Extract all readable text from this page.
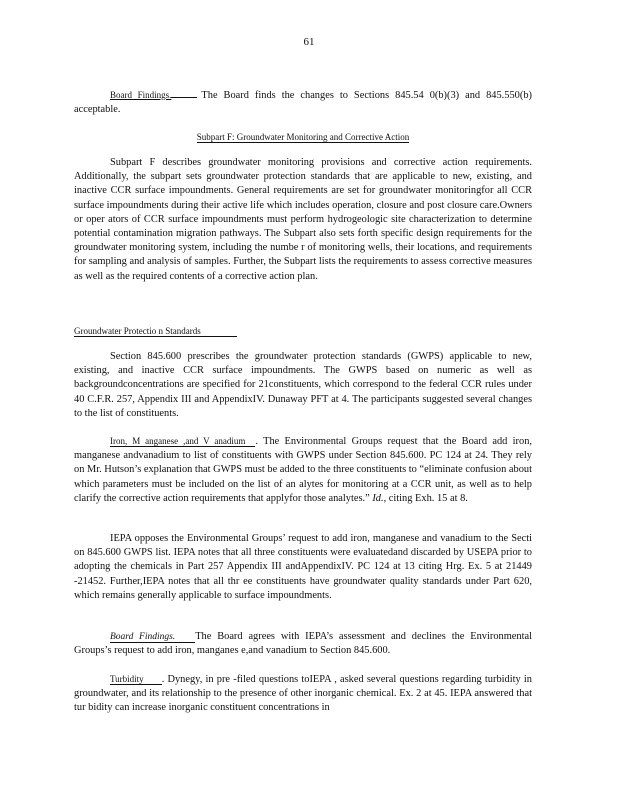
61
Board Findings.	The Board finds the changes to Sections 845.54 0(b)(3) and 845.550(b) acceptable.
Subpart F: Groundwater Monitoring and Corrective Action
Subpart F describes groundwater monitoring provisions and corrective action requirements. Additionally, the subpart sets groundwater protection standards that are applicable to new, existing, and inactive CCR surface impoundments. General requirements are set for groundwater monitoringfor all CCR surface impoundments during their active life which includes operation, closure and post closure care.Owners or oper ators of CCR surface impoundments must perform hydrogeologic site characterization to determine potential contamination migration pathways. The Subpart also sets forth specific design requirements for the groundwater monitoring system, including the numbe r of monitoring wells, their locations, and requirements for sampling and analysis of samples. Further, the Subpart lists the requirements to assess corrective measures as well as the required contents of a corrective action plan.
Groundwater Protectio n Standards
Section 845.600 prescribes the groundwater protection standards (GWPS) applicable to new, existing, and inactive CCR surface impoundments. The GWPS based on numeric as well as backgroundconcentrations are specified for 21constituents, which correspond to the federal CCR rules under 40 C.F.R. 257, Appendix III and AppendixIV. Dunaway PFT at 4. The participants suggested several changes to the list of constituents.
Iron, M anganese ,and V anadium . The Environmental Groups request that the Board add iron, manganese andvanadium to list of constituents with GWPS under Section 845.600. PC 124 at 24. They rely on Mr. Hutson’s explanation that GWPS must be added to the three constituents to “eliminate confusion about which parameters must be included on the list of an alytes for monitoring at a CCR unit, as well as to help clarify the corrective action requirements that applyfor those analytes.” Id., citing Exh. 15 at 8.
IEPA opposes the Environmental Groups’ request to add iron, manganese and vanadium to the Secti on 845.600 GWPS list. IEPA notes that all three constituents were evaluatedand discarded by USEPA prior to adopting the chemicals in Part 257 Appendix III andAppendixIV. PC 124 at 13 citing Hrg. Ex. 5 at 21449 -21452. Further,IEPA notes that all thr ee constituents have groundwater quality standards under Part 620, which remains generally applicable to surface impoundments.
Board Findings. The Board agrees with IEPA’s assessment and declines the Environmental Groups’s request to add iron, manganes e,and vanadium to Section 845.600.
Turbidity . Dynegy, in pre -filed questions toIEPA , asked several questions regarding turbidity in groundwater, and its relationship to the presence of other inorganic chemical. Ex. 2 at 45. IEPA answered that tur bidity can increase inorganic constituent concentrations in
